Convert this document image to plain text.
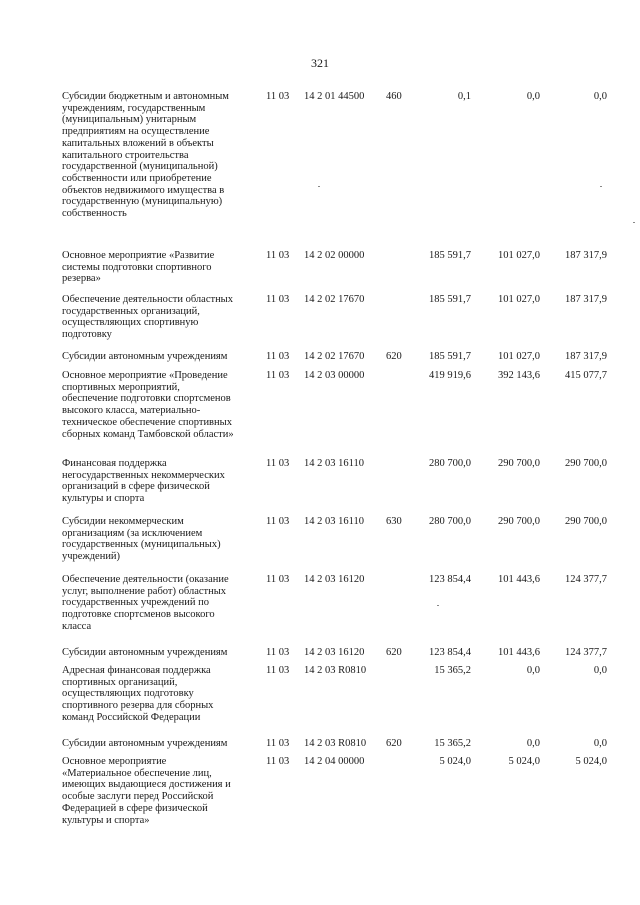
321
Субсидии бюджетным и автономным
учреждениям, государственным
(муниципальным) унитарным
предприятиям на осуществление
капитальных вложений в объекты
капитального строительства
государственной (муниципальной)
собственности или приобретение
объектов недвижимого имущества в
государственную (муниципальную)
собственность
11 03	14 2 01 44500	460	0,1	0,0	0,0
Основное мероприятие «Развитие
системы подготовки спортивного
резерва»
11 03	14 2 02 00000	185 591,7	101 027,0	187 317,9
Обеспечение деятельности областных
государственных организаций,
осуществляющих спортивную
подготовку
11 03	14 2 02 17670	185 591,7	101 027,0	187 317,9
Субсидии автономным учреждениям	11 03	14 2 02 17670	620	185 591,7	101 027,0	187 317,9
Основное мероприятие «Проведение
спортивных мероприятий,
обеспечение подготовки спортсменов
высокого класса, материально-
техническое обеспечение спортивных
сборных команд Тамбовской области»
11 03	14 2 03 00000	419 919,6	392 143,6	415 077,7
Финансовая поддержка
негосударственных некоммерческих
организаций в сфере физической
культуры и спорта
11 03	14 2 03 16110	280 700,0	290 700,0	290 700,0
Субсидии некоммерческим
организациям (за исключением
государственных (муниципальных)
учреждений)
11 03	14 2 03 16110	630	280 700,0	290 700,0	290 700,0
Обеспечение деятельности (оказание
услуг, выполнение работ) областных
государственных учреждений по
подготовке спортсменов высокого
класса
11 03	14 2 03 16120	123 854,4	101 443,6	124 377,7
Субсидии автономным учреждениям	11 03	14 2 03 16120	620	123 854,4	101 443,6	124 377,7
Адресная финансовая поддержка
спортивных организаций,
осуществляющих подготовку
спортивного резерва для сборных
команд Российской Федерации
11 03	14 2 03 R0810	15 365,2	0,0	0,0
Субсидии автономным учреждениям	11 03	14 2 03 R0810	620	15 365,2	0,0	0,0
Основное мероприятие
«Материальное обеспечение лиц,
имеющих выдающиеся достижения и
особые заслуги перед Российской
Федерацией в сфере физической
культуры и спорта»
11 03	14 2 04 00000	5 024,0	5 024,0	5 024,0
